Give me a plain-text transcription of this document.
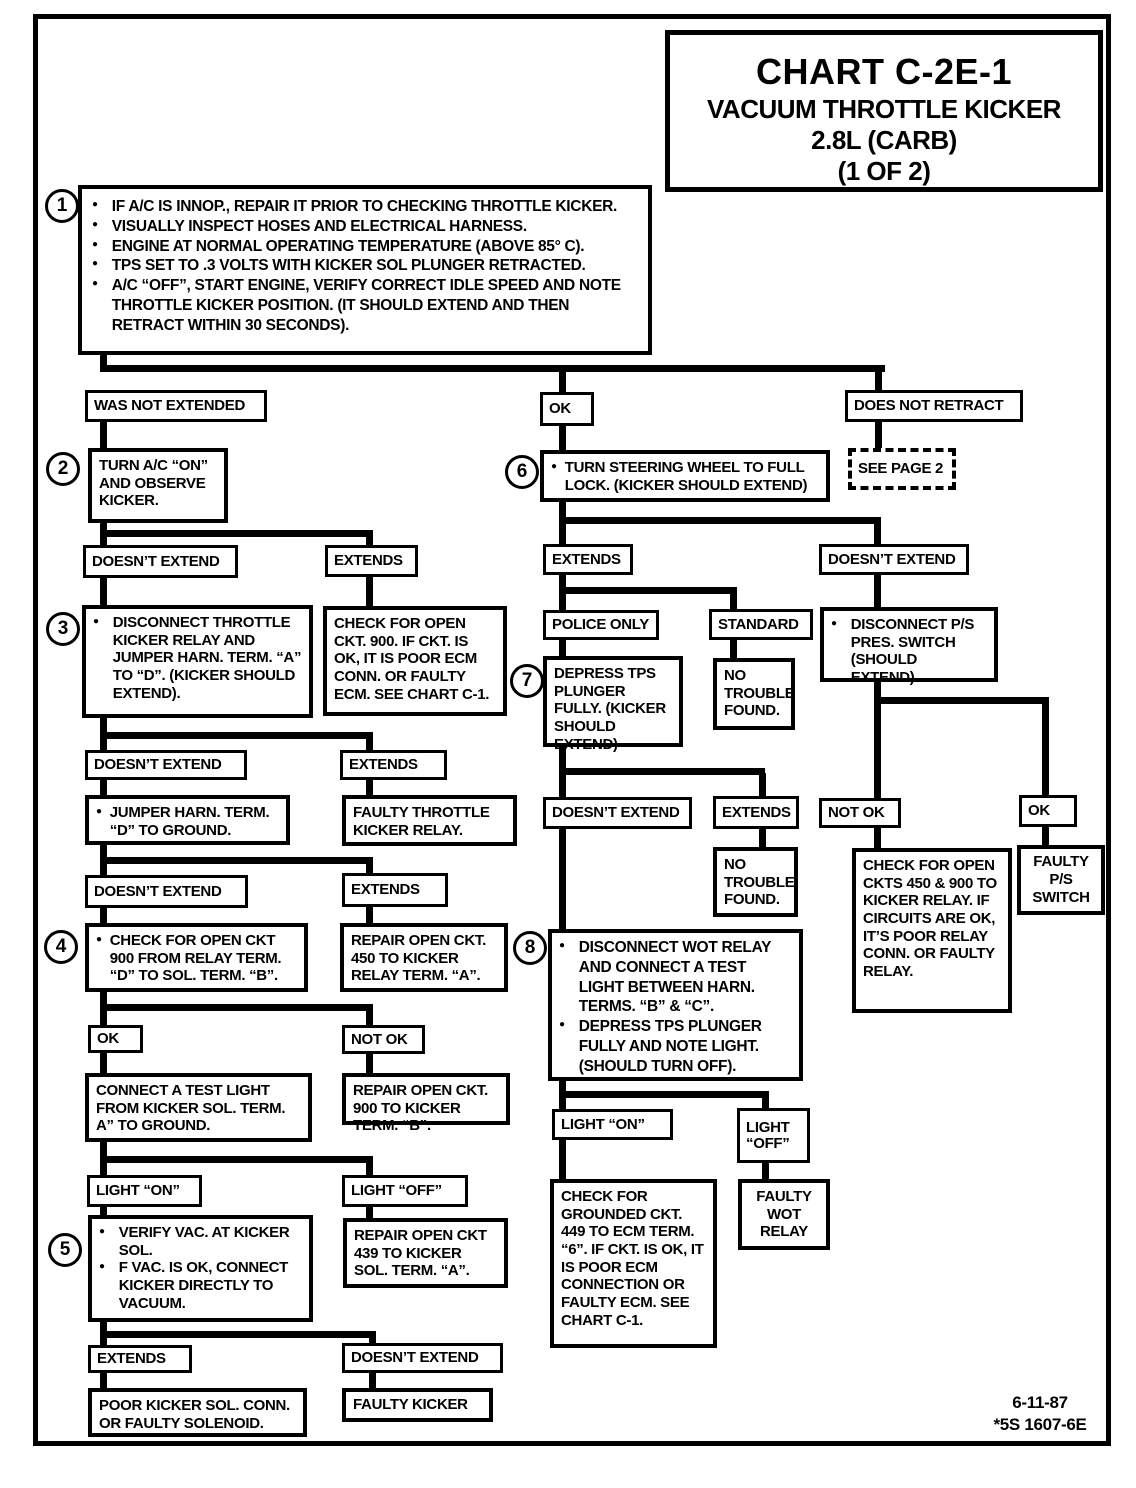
CHART C-2E-1
VACUUM THROTTLE KICKER
2.8L (CARB)
(1 OF 2)
1
2
3
4
5
6
7
8
● IF A/C IS INNOP., REPAIR IT PRIOR TO CHECKING THROTTLE KICKER.
● VISUALLY INSPECT HOSES AND ELECTRICAL HARNESS.
● ENGINE AT NORMAL OPERATING TEMPERATURE (ABOVE 85° C).
● TPS SET TO .3 VOLTS WITH KICKER SOL PLUNGER RETRACTED.
● A/C “OFF”, START ENGINE, VERIFY CORRECT IDLE SPEED AND NOTE THROTTLE KICKER POSITION. (IT SHOULD EXTEND AND THEN RETRACT WITHIN 30 SECONDS).
WAS NOT EXTENDED
TURN A/C “ON” AND OBSERVE KICKER.
DOESN’T EXTEND	EXTENDS
● DISCONNECT THROTTLE KICKER RELAY AND JUMPER HARN. TERM. “A” TO “D”. (KICKER SHOULD EXTEND).
CHECK FOR OPEN CKT. 900. IF CKT. IS OK, IT IS POOR ECM CONN. OR FAULTY ECM. SEE CHART C-1.
DOESN’T EXTEND	EXTENDS
● JUMPER HARN. TERM. “D” TO GROUND.
FAULTY THROTTLE KICKER RELAY.
DOESN’T EXTEND	EXTENDS
● CHECK FOR OPEN CKT 900 FROM RELAY TERM. “D” TO SOL. TERM. “B”.
REPAIR OPEN CKT. 450 TO KICKER RELAY TERM. “A”.
OK	NOT OK
CONNECT A TEST LIGHT FROM KICKER SOL. TERM. A” TO GROUND.
REPAIR OPEN CKT. 900 TO KICKER TERM. “B”.
LIGHT “ON”	LIGHT “OFF”
● VERIFY VAC. AT KICKER SOL.
● F VAC. IS OK, CONNECT KICKER DIRECTLY TO VACUUM.
REPAIR OPEN CKT 439 TO KICKER SOL. TERM. “A”.
EXTENDS	DOESN’T EXTEND
POOR KICKER SOL. CONN. OR FAULTY SOLENOID.
FAULTY KICKER
OK
● TURN STEERING WHEEL TO FULL LOCK. (KICKER SHOULD EXTEND)
EXTENDS
POLICE ONLY	STANDARD
DEPRESS TPS PLUNGER FULLY. (KICKER SHOULD EXTEND)
NO TROUBLE FOUND.
DOESN’T EXTEND	EXTENDS
NO TROUBLE FOUND.
● DISCONNECT WOT RELAY AND CONNECT A TEST LIGHT BETWEEN HARN. TERMS. “B” & “C”.
● DEPRESS TPS PLUNGER FULLY AND NOTE LIGHT. (SHOULD TURN OFF).
LIGHT “ON”	LIGHT “OFF”
CHECK FOR GROUNDED CKT. 449 TO ECM TERM. “6”. IF CKT. IS OK, IT IS POOR ECM CONNECTION OR FAULTY ECM. SEE CHART C-1.
FAULTY WOT RELAY
DOES NOT RETRACT
SEE PAGE 2
DOESN’T EXTEND
● DISCONNECT P/S PRES. SWITCH (SHOULD EXTEND).
NOT OK	OK
CHECK FOR OPEN CKTS 450 & 900 TO KICKER RELAY. IF CIRCUITS ARE OK, IT’S POOR RELAY CONN. OR FAULTY RELAY.
FAULTY P/S SWITCH
6-11-87
*5S 1607-6E
